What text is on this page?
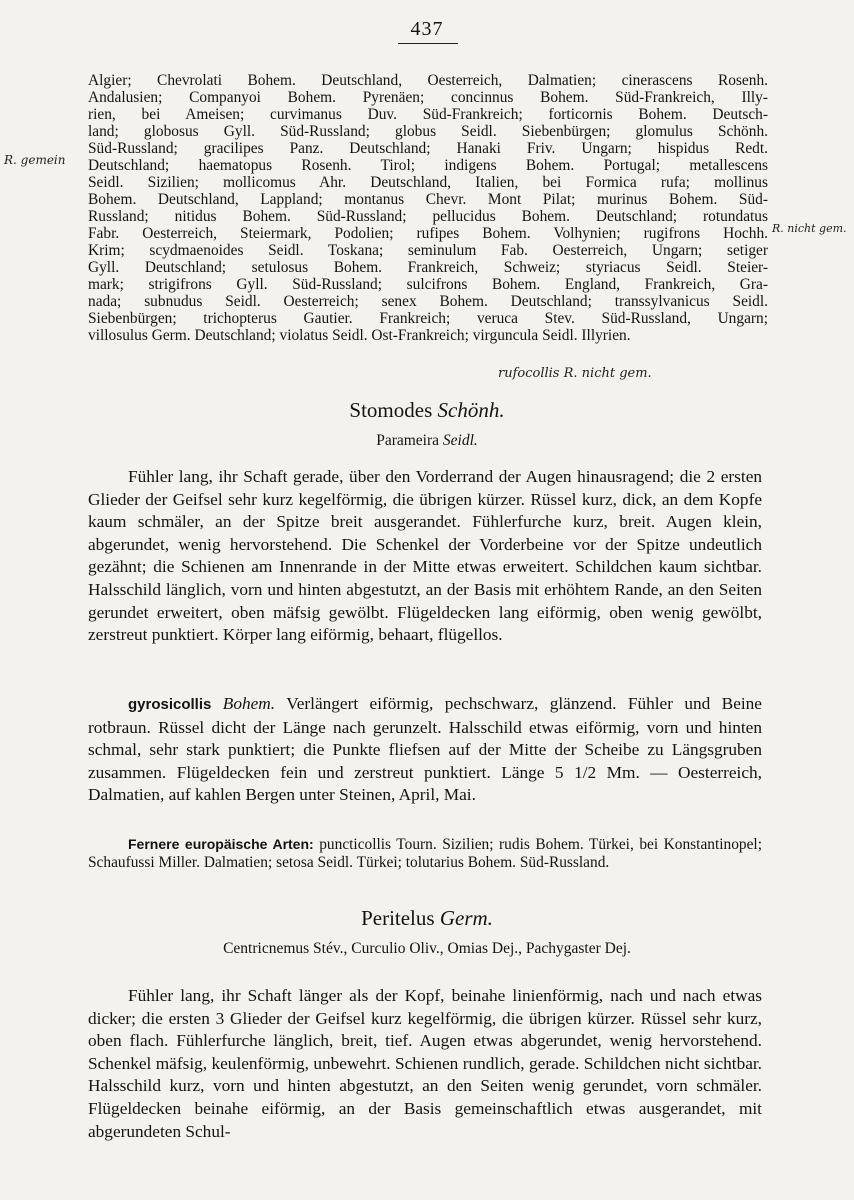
437
Algier; Chevrolati Bohem. Deutschland, Oesterreich, Dalmatien; cinerascens Rosenh.
Andalusien; Companyoi Bohem. Pyrenäen; concinnus Bohem. Süd-Frankreich, Illy-
rien, bei Ameisen; curvimanus Duv. Süd-Frankreich; forticornis Bohem. Deutsch-
land; globosus Gyll. Süd-Russland; globus Seidl. Siebenbürgen; glomulus Schönh.
Süd-Russland; gracilipes Panz. Deutschland; Hanaki Friv. Ungarn; hispidus Redt.
Deutschland; haematopus Rosenh. Tirol; indigens Bohem. Portugal; metallescens
Seidl. Sizilien; mollicomus Ahr. Deutschland, Italien, bei Formica rufa; mollinus
Bohem. Deutschland, Lappland; montanus Chevr. Mont Pilat; murinus Bohem. Süd-
Russland; nitidus Bohem. Süd-Russland; pellucidus Bohem. Deutschland; rotundatus
Fabr. Oesterreich, Steiermark, Podolien; rufipes Bohem. Volhynien; rugifrons Hochh.
Krim; scydmaenoides Seidl. Toskana; seminulum Fab. Oesterreich, Ungarn; setiger
Gyll. Deutschland; setulosus Bohem. Frankreich, Schweiz; styriacus Seidl. Steier-
mark; strigifrons Gyll. Süd-Russland; sulcifrons Bohem. England, Frankreich, Gra-
nada; subnudus Seidl. Oesterreich; senex Bohem. Deutschland; transsylvanicus Seidl.
Siebenbürgen; trichopterus Gautier. Frankreich; veruca Stev. Süd-Russland, Ungarn;
villosulus Germ. Deutschland; violatus Seidl. Ost-Frankreich; virguncula Seidl. Illyrien.
R. gemein
R. nicht gem.
rufocollis R. nicht gem.
Stomodes Schönh.

Parameira Seidl.

Fühler lang, ihr Schaft gerade, über den Vorderrand der Augen hinausragend; die 2 ersten Glieder der Geifsel sehr kurz kegelförmig, die übrigen kürzer. Rüssel kurz, dick, an dem Kopfe kaum schmäler, an der Spitze breit ausgerandet. Fühlerfurche kurz, breit. Augen klein, abgerundet, wenig hervorstehend. Die Schenkel der Vorderbeine vor der Spitze undeutlich gezähnt; die Schienen am Innenrande in der Mitte etwas erweitert. Schildchen kaum sichtbar. Halsschild länglich, vorn und hinten abgestutzt, an der Basis mit erhöhtem Rande, an den Seiten gerundet erweitert, oben mäfsig gewölbt. Flügeldecken lang eiförmig, oben wenig gewölbt, zerstreut punktiert. Körper lang eiförmig, behaart, flügellos.

gyrosicollis Bohem. Verlängert eiförmig, pechschwarz, glänzend. Fühler und Beine rotbraun. Rüssel dicht der Länge nach gerunzelt. Halsschild etwas eiförmig, vorn und hinten schmal, sehr stark punktiert; die Punkte fliefsen auf der Mitte der Scheibe zu Längsgruben zusammen. Flügeldecken fein und zerstreut punktiert. Länge 5 1/2 Mm. — Oesterreich, Dalmatien, auf kahlen Bergen unter Steinen, April, Mai.

Fernere europäische Arten: puncticollis Tourn. Sizilien; rudis Bohem. Türkei, bei Konstantinopel; Schaufussi Miller. Dalmatien; setosa Seidl. Türkei; tolutarius Bohem. Süd-Russland.

Peritelus Germ.

Centricnemus Stév., Curculio Oliv., Omias Dej., Pachygaster Dej.

Fühler lang, ihr Schaft länger als der Kopf, beinahe linienförmig, nach und nach etwas dicker; die ersten 3 Glieder der Geifsel kurz kegelförmig, die übrigen kürzer. Rüssel sehr kurz, oben flach. Fühlerfurche länglich, breit, tief. Augen etwas abgerundet, wenig hervorstehend. Schenkel mäfsig, keulenförmig, unbewehrt. Schienen rundlich, gerade. Schildchen nicht sichtbar. Halsschild kurz, vorn und hinten abgestutzt, an den Seiten wenig gerundet, vorn schmäler. Flügeldecken beinahe eiförmig, an der Basis gemeinschaftlich etwas ausgerandet, mit abgerundeten Schul-
